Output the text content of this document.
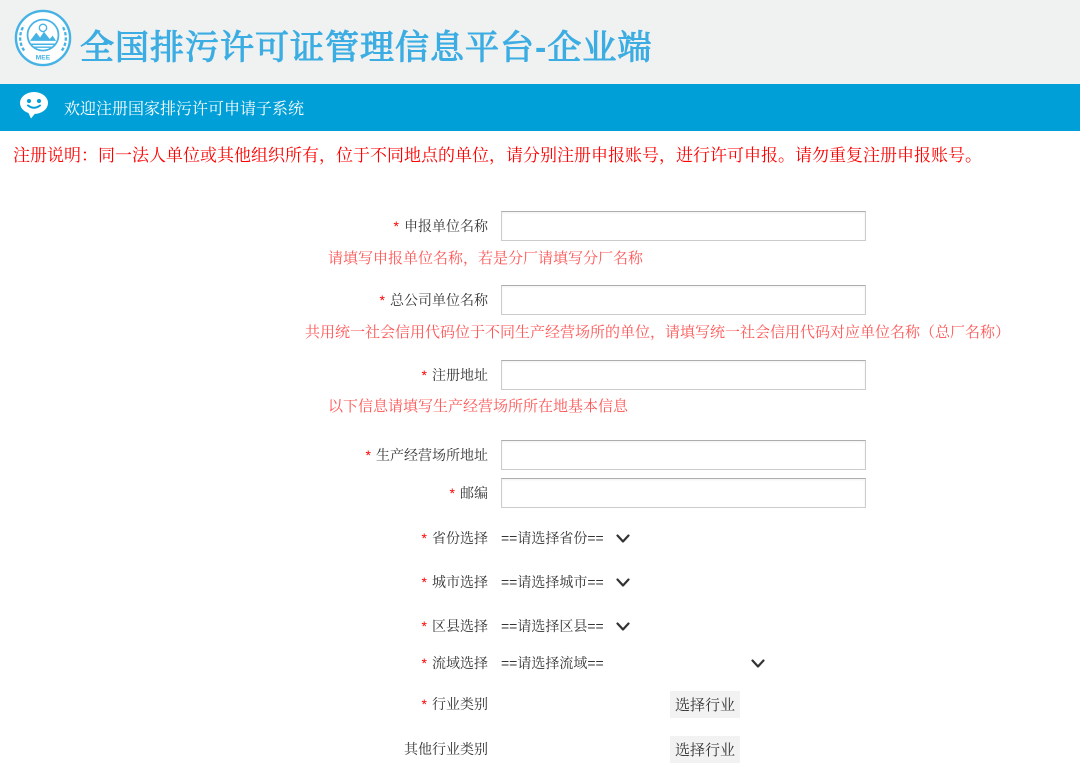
MEE 全国排污许可证管理信息平台-企业端
欢迎注册国家排污许可申请子系统
注册说明：同一法人单位或其他组织所有，位于不同地点的单位，请分别注册申报账号，进行许可申报。请勿重复注册申报账号。
* 申报单位名称
请填写申报单位名称，若是分厂请填写分厂名称
* 总公司单位名称
共用统一社会信用代码位于不同生产经营场所的单位，请填写统一社会信用代码对应单位名称（总厂名称）
* 注册地址
以下信息请填写生产经营场所所在地基本信息
* 生产经营场所地址
* 邮编
* 省份选择 ==请选择省份==
* 城市选择 ==请选择城市==
* 区县选择 ==请选择区县==
* 流域选择 ==请选择流域==
* 行业类别	选择行业
其他行业类别	选择行业
